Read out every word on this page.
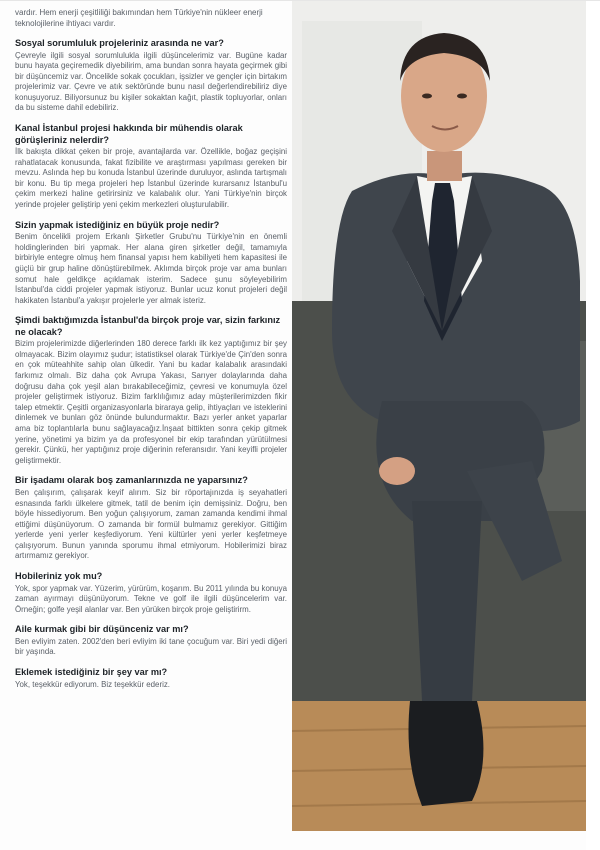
vardır. Hem enerji çeşitliliği bakımından hem Türkiye'nin nükleer enerji teknolojilerine ihtiyacı vardır.

Sosyal sorumluluk projeleriniz arasında ne var?

Çevreyle ilgili sosyal sorumlulukla ilgili düşüncelerimiz var. Bugüne kadar bunu hayata geçiremedik diyebilirim, ama bundan sonra hayata geçirmek gibi bir düşüncemiz var. Öncelikle sokak çocukları, işsizler ve gençler için birtakım projelerimiz var. Çevre ve atık sektöründe bunu nasıl değerlendirebiliriz diye konuşuyoruz. Biliyorsunuz bu kişiler sokaktan kağıt, plastik topluyorlar, onları da bu sisteme dahil edebiliriz.

Kanal İstanbul projesi hakkında bir mühendis olarak görüşleriniz nelerdir?

İlk bakışta dikkat çeken bir proje, avantajlarda var. Özellikle, boğaz geçişini rahatlatacak konusunda, fakat fizibilite ve araştırması yapılması gereken bir mevzu. Aslında hep bu konuda İstanbul üzerinde duruluyor, aslında tartışmalı bir konu. Bu tip mega projeleri hep İstanbul üzerinde kurarsanız İstanbul'u çekim merkezi haline getirirsiniz ve kalabalık olur. Yani Türkiye'nin birçok yerinde projeler geliştirip yeni çekim merkezleri oluşturulabilir.

Sizin yapmak istediğiniz en büyük proje nedir?

Benim öncelikli projem Erkanlı Şirketler Grubu'nu Türkiye'nin en önemli holdinglerinden biri yapmak. Her alana giren şirketler değil, tamamıyla birbiriyle entegre olmuş hem finansal yapısı hem kabiliyeti hem kapasitesi ile güçlü bir grup haline dönüştürebilmek. Aklımda birçok proje var ama bunları somut hale geldikçe açıklamak isterim. Sadece şunu söyleyebilirim İstanbul'da ciddi projeler yapmak istiyoruz. Bunlar ucuz konut projeleri değil hakikaten İstanbul'a yakışır projelerle yer almak isteriz.

Şimdi baktığımızda İstanbul'da birçok proje var, sizin farkınız ne olacak?

Bizim projelerimizde diğerlerinden 180 derece farklı ilk kez yaptığımız bir şey olmayacak. Bizim olayımız şudur; istatistiksel olarak Türkiye'de Çin'den sonra en çok müteahhite sahip olan ülkedir. Yani bu kadar kalabalık arasındaki farkımız olmalı. Biz daha çok Avrupa Yakası, Sarıyer dolaylarında daha doğrusu daha çok yeşil alan bırakabileceğimiz, çevresi ve konumuyla özel projeler geliştirmek istiyoruz. Bizim farklılığımız aday müşterilerimizden fikir talep etmektir. Çeşitli organizasyonlarla biraraya gelip, ihtiyaçları ve isteklerini dinlemek ve bunları göz önünde bulundurmaktır. Bazı yerler anket yaparlar ama biz toplantılarla bunu sağlayacağız.İnşaat bittikten sonra çekip gitmek yerine, yönetimi ya bizim ya da profesyonel bir ekip tarafından yürütülmesi gerekir. Çünkü, her yaptığınız proje diğerinin referansıdır. Yani keyifli projeler geliştirmektir.

Bir işadamı olarak boş zamanlarınızda ne yaparsınız?

Ben çalışırım, çalışarak keyif alırım. Siz bir röportajınızda iş seyahatleri esnasında farklı ülkelere gitmek, tatil de benim için demişsiniz. Doğru, ben böyle hissediyorum. Ben yoğun çalışıyorum, zaman zamanda kendimi ihmal ettiğimi düşünüyorum. O zamanda bir formül bulmamız gerekiyor. Gittiğim yerlerde yeni yerler keşfediyorum. Yeni kültürler yeni yerler keşfetmeye çalışıyorum. Bunun yanında sporumu ihmal etmiyorum. Hobilerimizi biraz artırmamız gerekiyor.

Hobileriniz yok mu?

Yok, spor yapmak var. Yüzerim, yürürüm, koşarım. Bu 2011 yılında bu konuya zaman ayırmayı düşünüyorum. Tekne ve golf ile ilgili düşüncelerim var. Örneğin; golfe yeşil alanlar var. Ben yürüken birçok proje geliştirirm.

Aile kurmak gibi bir düşünceniz var mı?

Ben evliyim zaten. 2002'den beri evliyim iki tane çocuğum var. Biri yedi diğeri bir yaşında.

Eklemek istediğiniz bir şey var mı?

Yok, teşekkür ediyorum. Biz teşekkür ederiz.
